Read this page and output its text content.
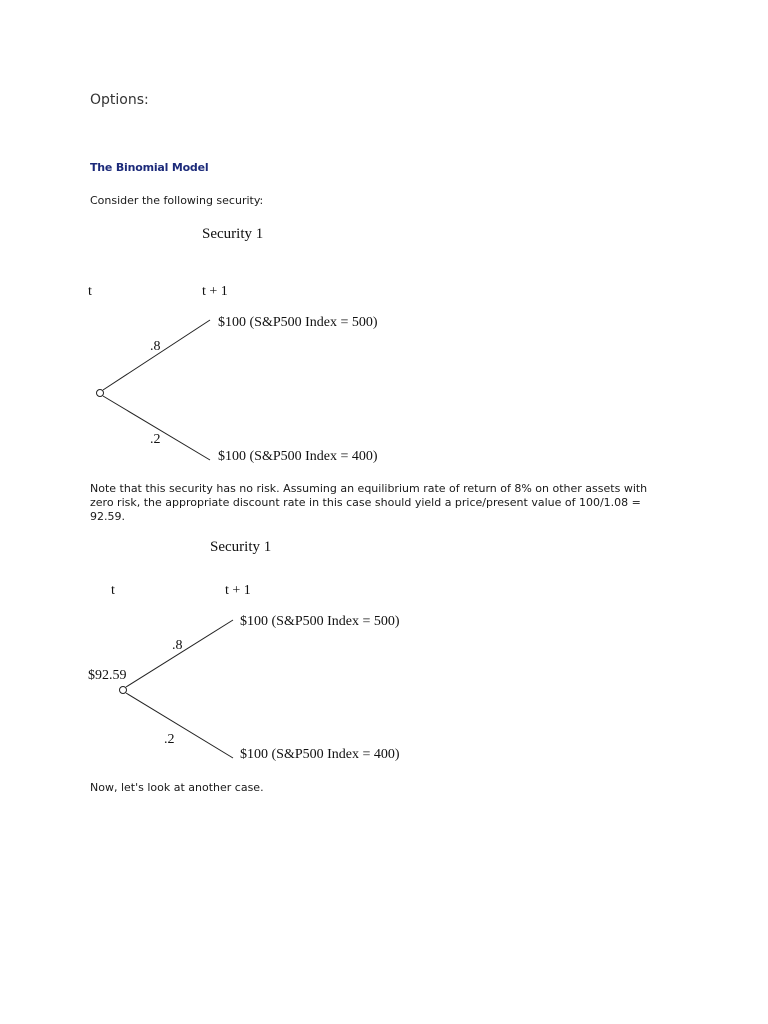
Options:
The Binomial Model
Consider the following security:
Security 1
t	t + 1
.8
.2
$100 (S&P500 Index = 500)
$100 (S&P500 Index = 400)
Note that this security has no risk. Assuming an equilibrium rate of return of 8% on other assets with
zero risk, the appropriate discount rate in this case should yield a price/present value of 100/1.08 =
92.59.
Security 1
t	t + 1
$92.59
.8
.2
$100 (S&P500 Index = 500)
$100 (S&P500 Index = 400)
Now, let's look at another case.
